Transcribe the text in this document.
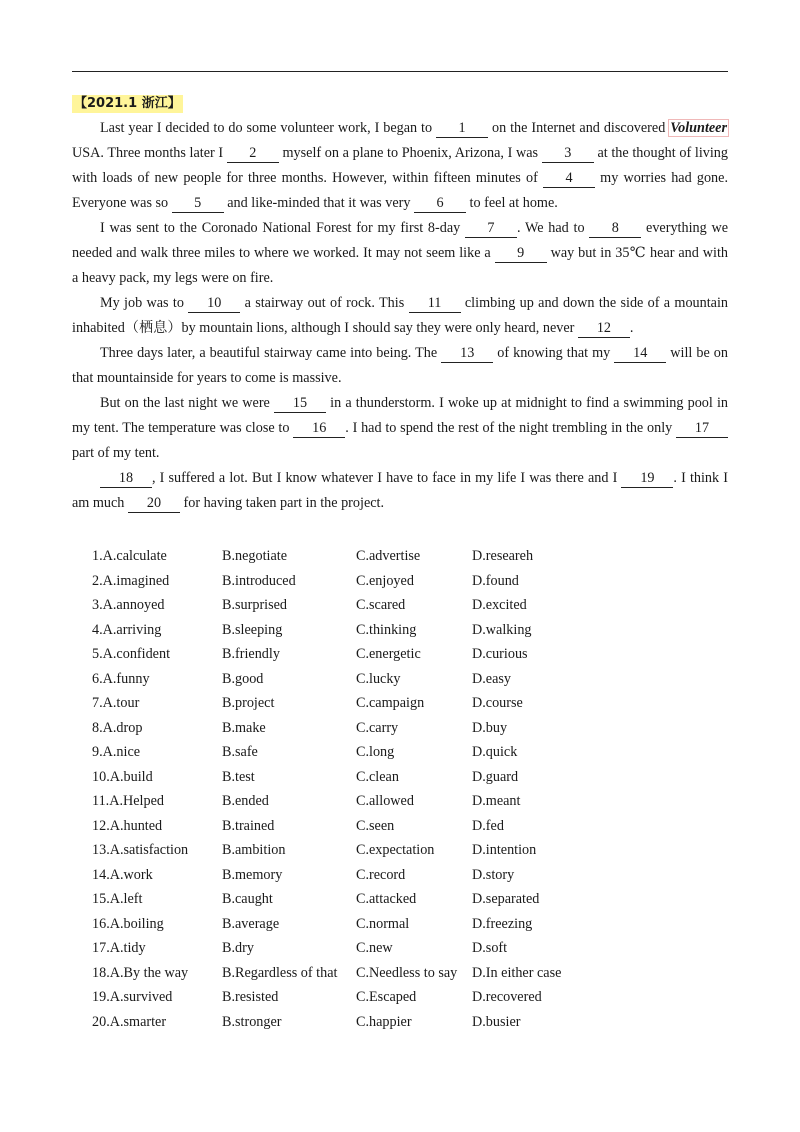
【2021.1 浙江】

Last year I decided to do some volunteer work, I began to 1 on the Internet and discovered Volunteer USA. Three months later I 2 myself on a plane to Phoenix, Arizona, I was 3 at the thought of living with loads of new people for three months. However, within fifteen minutes of 4 my worries had gone. Everyone was so 5 and like-minded that it was very 6 to feel at home.

I was sent to the Coronado National Forest for my first 8-day 7 . We had to 8 everything we needed and walk three miles to where we worked. It may not seem like a 9 way but in 35℃ hear and with a heavy pack, my legs were on fire.

My job was to 10 a stairway out of rock. This 11 climbing up and down the side of a mountain inhabited（栖息）by mountain lions, although I should say they were only heard, never 12 .

Three days later, a beautiful stairway came into being. The 13 of knowing that my 14 will be on that mountainside for years to come is massive.

But on the last night we were 15 in a thunderstorm. I woke up at midnight to find a swimming pool in my tent. The temperature was close to 16 . I had to spend the rest of the night trembling in the only 17 part of my tent.

18 , I suffered a lot. But I know whatever I have to face in my life I was there and I 19 . I think I am much 20 for having taken part in the project.

1.A.calculate	B.negotiate	C.advertise	D.researeh
2.A.imagined	B.introduced	C.enjoyed	D.found
3.A.annoyed	B.surprised	C.scared	D.excited
4.A.arriving	B.sleeping	C.thinking	D.walking
5.A.confident	B.friendly	C.energetic	D.curious
6.A.funny	B.good	C.lucky	D.easy
7.A.tour	B.project	C.campaign	D.course
8.A.drop	B.make	C.carry	D.buy
9.A.nice	B.safe	C.long	D.quick
10.A.build	B.test	C.clean	D.guard
11.A.Helped	B.ended	C.allowed	D.meant
12.A.hunted	B.trained	C.seen	D.fed
13.A.satisfaction B.ambition	C.expectation	D.intention
14.A.work	B.memory	C.record	D.story
15.A.left	B.caught	C.attacked	D.separated
16.A.boiling	B.average	C.normal	D.freezing
17.A.tidy	B.dry	C.new	D.soft
18.A.By the way B.Regardless of that C.Needless to say D.In either case
19.A.survived	B.resisted	C.Escaped	D.recovered
20.A.smarter	B.stronger	C.happier	D.busier
